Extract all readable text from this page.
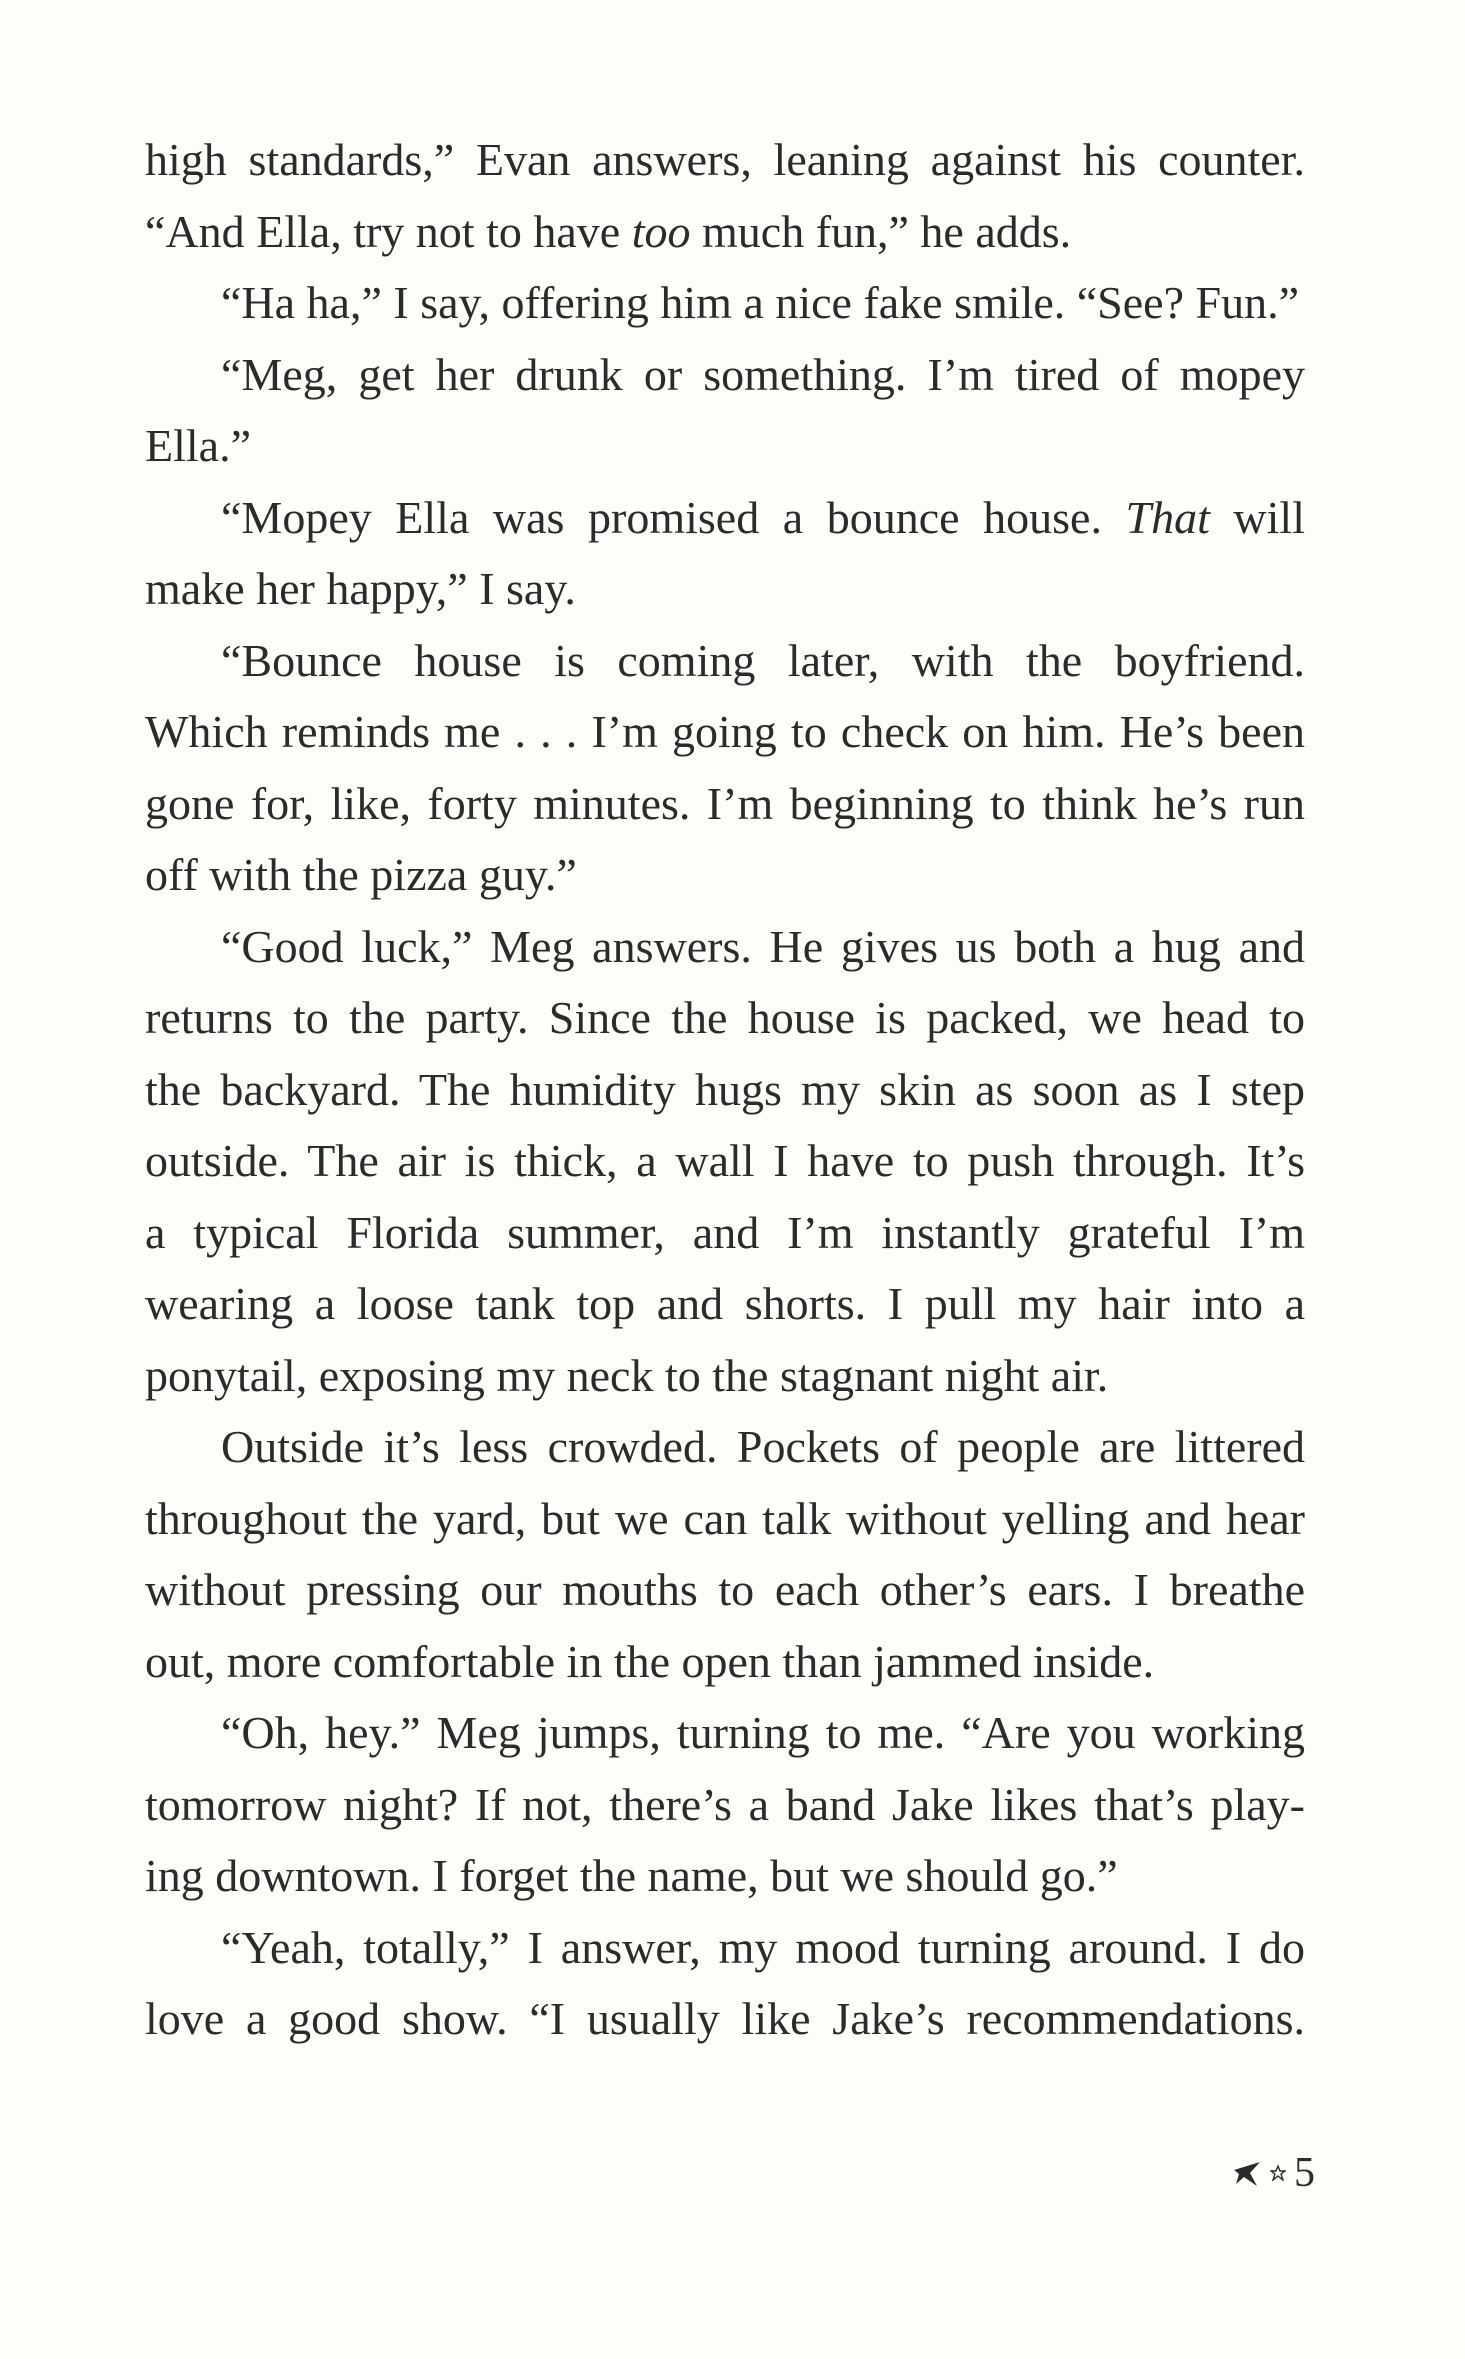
high standards,” Evan answers, leaning against his counter.
“And Ella, try not to have too much fun,” he adds.
“Ha ha,” I say, offering him a nice fake smile. “See? Fun.”
“Meg, get her drunk or something. I’m tired of mopey
Ella.”
“Mopey Ella was promised a bounce house. That will
make her happy,” I say.
“Bounce house is coming later, with the boyfriend.
Which reminds me . . . I’m going to check on him. He’s been
gone for, like, forty minutes. I’m beginning to think he’s run
off with the pizza guy.”
“Good luck,” Meg answers. He gives us both a hug and
returns to the party. Since the house is packed, we head to
the backyard. The humidity hugs my skin as soon as I step
outside. The air is thick, a wall I have to push through. It’s
a typical Florida summer, and I’m instantly grateful I’m
wearing a loose tank top and shorts. I pull my hair into a
ponytail, exposing my neck to the stagnant night air.
Outside it’s less crowded. Pockets of people are littered
throughout the yard, but we can talk without yelling and hear
without pressing our mouths to each other’s ears. I breathe
out, more comfortable in the open than jammed inside.
“Oh, hey.” Meg jumps, turning to me. “Are you working
tomorrow night? If not, there’s a band Jake likes that’s play-
ing downtown. I forget the name, but we should go.”
“Yeah, totally,” I answer, my mood turning around. I do
love a good show. “I usually like Jake’s recommendations.
5
